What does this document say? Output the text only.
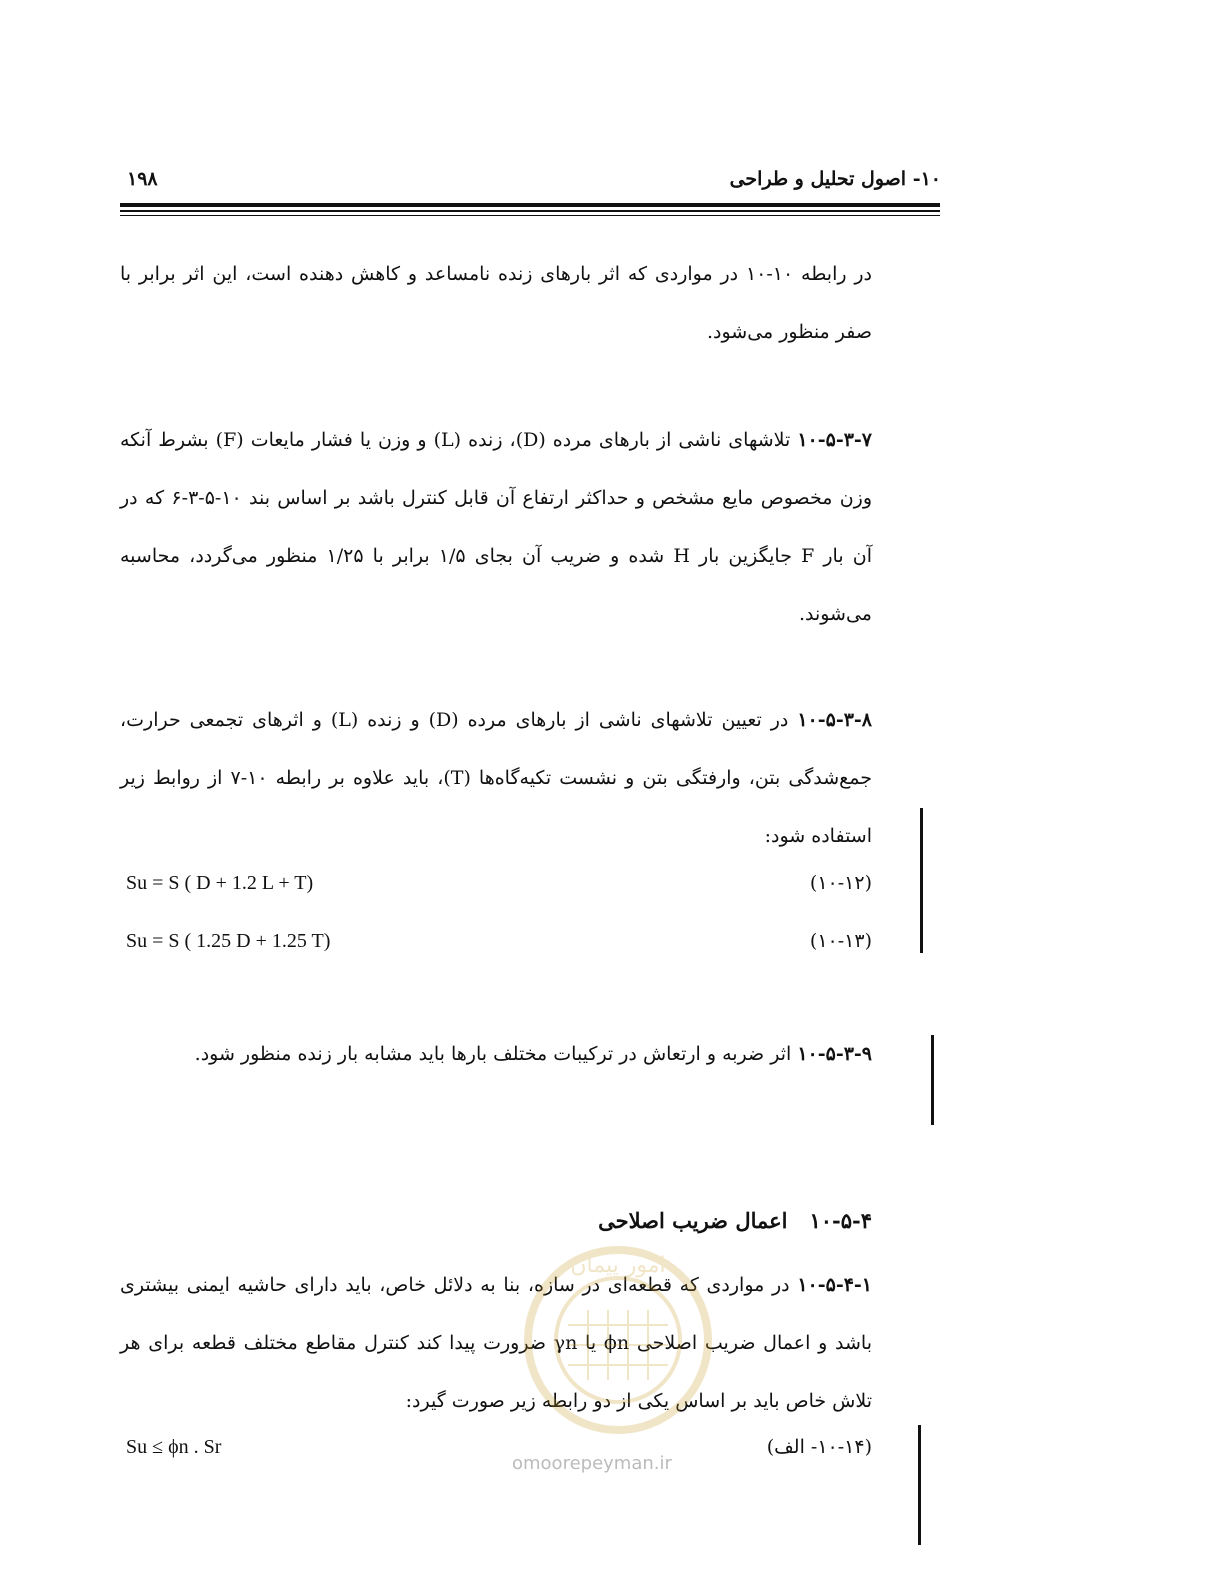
۱۰- اصول تحلیل و طراحی
۱۹۸
در رابطه ۱۰-۱۰ در مواردی که اثر بارهای زنده نامساعد و کاهش دهنده است، این اثر برابر با صفر منظور می‌شود.
۱۰-۵-۳-۷ تلاشهای ناشی از بارهای مرده (D)، زنده (L) و وزن یا فشار مایعات (F) بشرط آنکه وزن مخصوص مایع مشخص و حداکثر ارتفاع آن قابل کنترل باشد بر اساس بند ۱۰-۵-۳-۶ که در آن بار F جایگزین بار H شده و ضریب آن بجای ۱/۵ برابر با ۱/۲۵ منظور می‌گردد، محاسبه می‌شوند.
۱۰-۵-۳-۸ در تعیین تلاشهای ناشی از بارهای مرده (D) و زنده (L) و اثرهای تجمعی حرارت، جمع‌شدگی بتن، وارفتگی بتن و نشست تکیه‌گاه‌ها (T)، باید علاوه بر رابطه ۱۰-۷ از روابط زیر استفاده شود:
Su = S ( D + 1.2 L + T)	(۱۰-۱۲)
Su = S ( 1.25 D + 1.25 T)	(۱۰-۱۳)
۱۰-۵-۳-۹ اثر ضربه و ارتعاش در ترکیبات مختلف بارها باید مشابه بار زنده منظور شود.
۱۰-۵-۴   اعمال ضریب اصلاحی
۱۰-۵-۴-۱ در مواردی که قطعه‌ای در سازه، بنا به دلائل خاص، باید دارای حاشیه ایمنی بیشتری باشد و اعمال ضریب اصلاحی ϕn یا γn ضرورت پیدا کند کنترل مقاطع مختلف قطعه برای هر تلاش خاص باید بر اساس یکی از دو رابطه زیر صورت گیرد:
Su ≤ ϕn . Sr	(۱۰-۱۴- الف)
امور پیمان
omoorepeyman.ir
